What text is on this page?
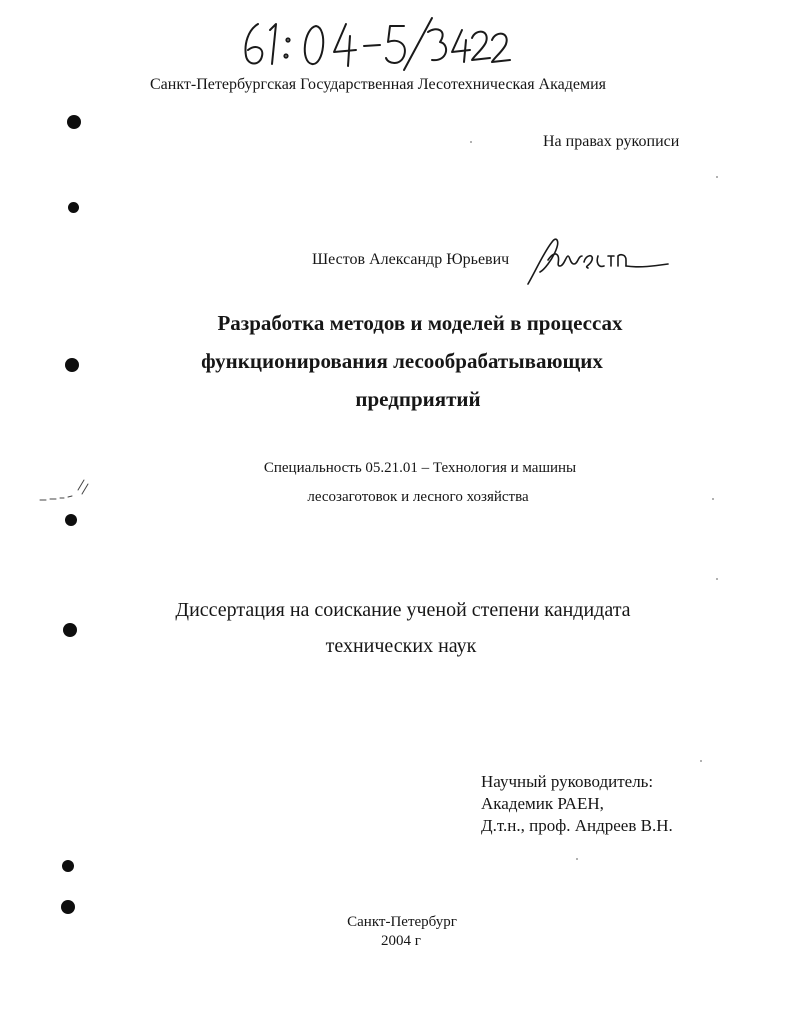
Санкт-Петербургская Государственная Лесотехническая Академия
На правах рукописи
Шестов Александр Юрьевич
Разработка методов и моделей в процессах
функционирования лесообрабатывающих
предприятий
Специальность 05.21.01 – Технология и машины
лесозаготовок и лесного хозяйства
Диссертация на соискание ученой степени кандидата
технических наук
Научный руководитель:
Академик РАЕН,
Д.т.н., проф. Андреев В.Н.
Санкт-Петербург
2004 г
